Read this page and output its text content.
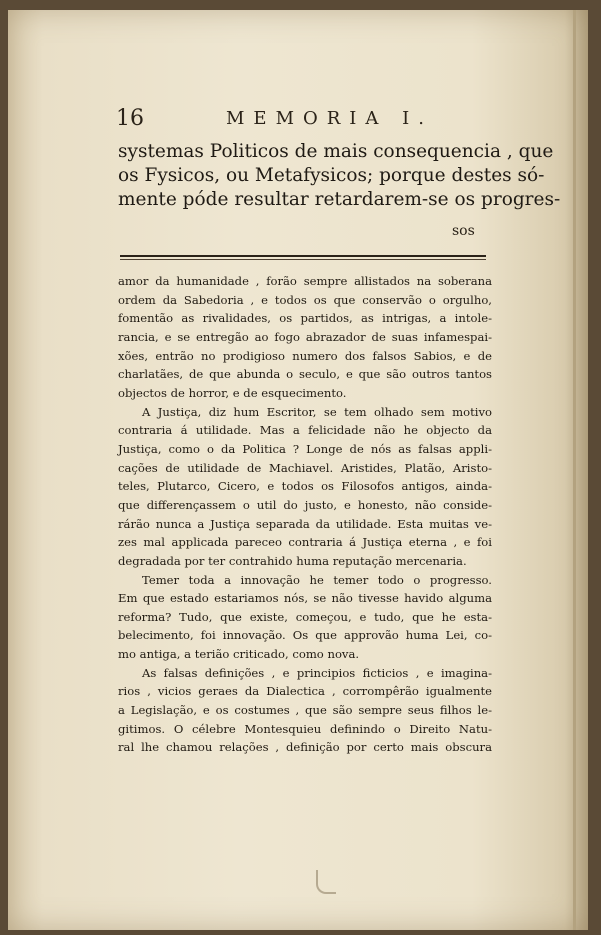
16	MEMORIA I.
systemas Politicos de mais consequencia , que
os Fysicos, ou Metafysicos; porque destes só-
mente póde resultar retardarem-se os progres-
sos
amor da humanidade , forão sempre allistados na soberana
ordem da Sabedoria , e todos os que conservão o orgulho,
fomentão as rivalidades, os partidos, as intrigas, a intole-
rancia, e se entregão ao fogo abrazador de suas infamespai-
xões, entrão no prodigioso numero dos falsos Sabios, e de
charlatães, de que abunda o seculo, e que são outros tantos
objectos de horror, e de esquecimento.
A Justiça, diz hum Escritor, se tem olhado sem motivo
contraria á utilidade. Mas a felicidade não he objecto da
Justiça, como o da Politica ? Longe de nós as falsas appli-
cações de utilidade de Machiavel. Aristides, Platão, Aristo-
teles, Plutarco, Cicero, e todos os Filosofos antigos, ainda-
que differençassem o util do justo, e honesto, não conside-
rárão nunca a Justiça separada da utilidade. Esta muitas ve-
zes mal applicada pareceo contraria á Justiça eterna , e foi
degradada por ter contrahido huma reputação mercenaria.
Temer toda a innovação he temer todo o progresso.
Em que estado estariamos nós, se não tivesse havido alguma
reforma? Tudo, que existe, começou, e tudo, que he esta-
belecimento, foi innovação. Os que approvão huma Lei, co-
mo antiga, a terião criticado, como nova.
As falsas definições , e principios ficticios , e imagina-
rios , vicios geraes da Dialectica , corrompêrão igualmente
a Legislação, e os costumes , que são sempre seus filhos le-
gitimos. O célebre Montesquieu definindo o Direito Natu-
ral lhe chamou relações , definição por certo mais obscura
